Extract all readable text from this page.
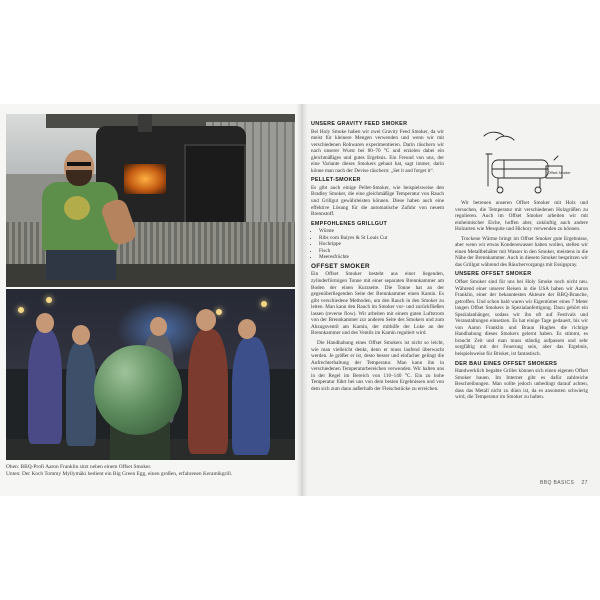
Oben: BBQ-Profi Aaron Franklin sitzt neben einem Offset Smoker.
Unten: Der Koch Tommy Myllymäki bedient ein Big Green Egg, einen großen, erfahrenen Keramikgrill.
UNSERE GRAVITY FEED SMOKER

Bei Holy Smoke haben wir zwei Gravity Feed Smoker, da wir meist für kleinere Mengen verwenden und wenn wir mit verschiedenen Rohwaren experimentieren. Darin räuchern wir nach unserer Wurst bei 80–70 °C und erzielen dabei ein gleichmäßiges und gutes Ergebnis. Ein Freund von uns, der eine Variante dieses Smokers gebaut hat, sagt immer, darin könne man nach der Devise räuchern: „Set it and forget it“.

PELLET-SMOKER

Es gibt auch einige Pellet-Smoker, wie beispielsweise den Bradley Smoker, die eine gleichmäßige Temperatur von Rauch und Grillgut gewährleisten können. Diese haben auch eine effektive Lösung für die automatische Zufuhr von neuem Brennstoff.

EMPFOHLENES GRILLGUT
• Würste
• Ribs vom Baiyes & St Louis Cut
• Hochrippe
• Fisch
• Meeresfrüchte
OFFSET SMOKER

Ein Offset Smoker besteht aus einer liegenden, zylinderförmigen Tonne mit einer separaten Brennkammer am Boden der einen Kurzseite. Die Tonne hat an der gegenüberliegenden Seite der Brennkammer einen Kamin. Es gibt verschiedene Methoden, um den Rauch in den Smoker zu leiten. Man kann den Rauch im Smoker vor- und zurückfließen lassen (reverse flow). Wir arbeiten mit einem guten Luftstrom von der Brennkammer zur anderen Seite des Smokers und zum Abzugsventil am Kamin, der mithilfe der Luke an der Brennkammer und des Ventils im Kamin reguliert wird.

Die Handhabung eines Offset Smokers ist nicht so leicht, wie man vielleicht denkt, denn er muss laufend überwacht werden. Je größer er ist, desto besser und einfacher gelingt die Aufrechterhaltung der Temperatur. Man kann ihn in verschiedenen Temperaturbereichen verwenden. Wir halten uns in der Regel im Bereich von 110–140 °C. Ein zu hohe Temperatur führt bei uns von dem besten Ergebnissen und von dem sich zum dann außerhalb der Fleischstücke zu erreichen.

Offset Smoker

Wir betreuen unseren Offset Smoker mit Holz und versuchen, die Temperatur mit verschiedenen Holzgrößen zu regulieren. Auch im Offset Smoker arbeiten wir mit einheimischer Eiche, hoffen aber, zukünftig auch andere Holzarten wie Mesquite und Hickory verwenden zu können.

Trockene Wärme bringt im Offset Smoker gute Ergebnisse, aber wenn wir etwas Kondenswasser haben wollen, stellen wir einen Metallbehälter mit Wasser in den Smoker, meistens in die Nähe der Brennkammer. Auch in diesem Smoker bespritzen wir das Grillgut während des Räuchervorgangs mit Essigspray.

UNSERE OFFSET SMOKER

Offset Smoker sind für uns bei Holy Smoke noch nicht neu. Während einer unserer Reisen in die USA haben wir Aaron Franklin, einer der bekanntesten Akteure der BBQ-Branche, getroffen. Und schon bald waren wir Eigentümer eines 7 Meter langen Offset Smokers in Spezialanfertigung. Dazu gehört ein Spezialanhänger, sodass wir ihn oft auf Festivals und Veranstaltungen einsetzen. Es hat einige Tage gedauert, bis wir von Aaron Franklin und Braun Hughes die richtige Handhabung dieses Smokers gelernt haben. Es stimmt, es braucht Zeit und man muss ständig aufpassen und sehr sorgfältig mit der Feuerung sein, aber das Ergebnis, beispielsweise für Brisket, ist fantastisch.

DER BAU EINES OFFSET SMOKERS

Handwerklich begabte Griller können sich einen eigenen Offset Smoker bauen. Im Internet gibt es dafür zahlreiche Beschreibungen. Man sollte jedoch unbedingt darauf achten, dass das Metall nicht zu dünn ist, da es ansonsten schwierig wird, die Temperatur im Smoker zu halten.

BBQ BASICS 27
